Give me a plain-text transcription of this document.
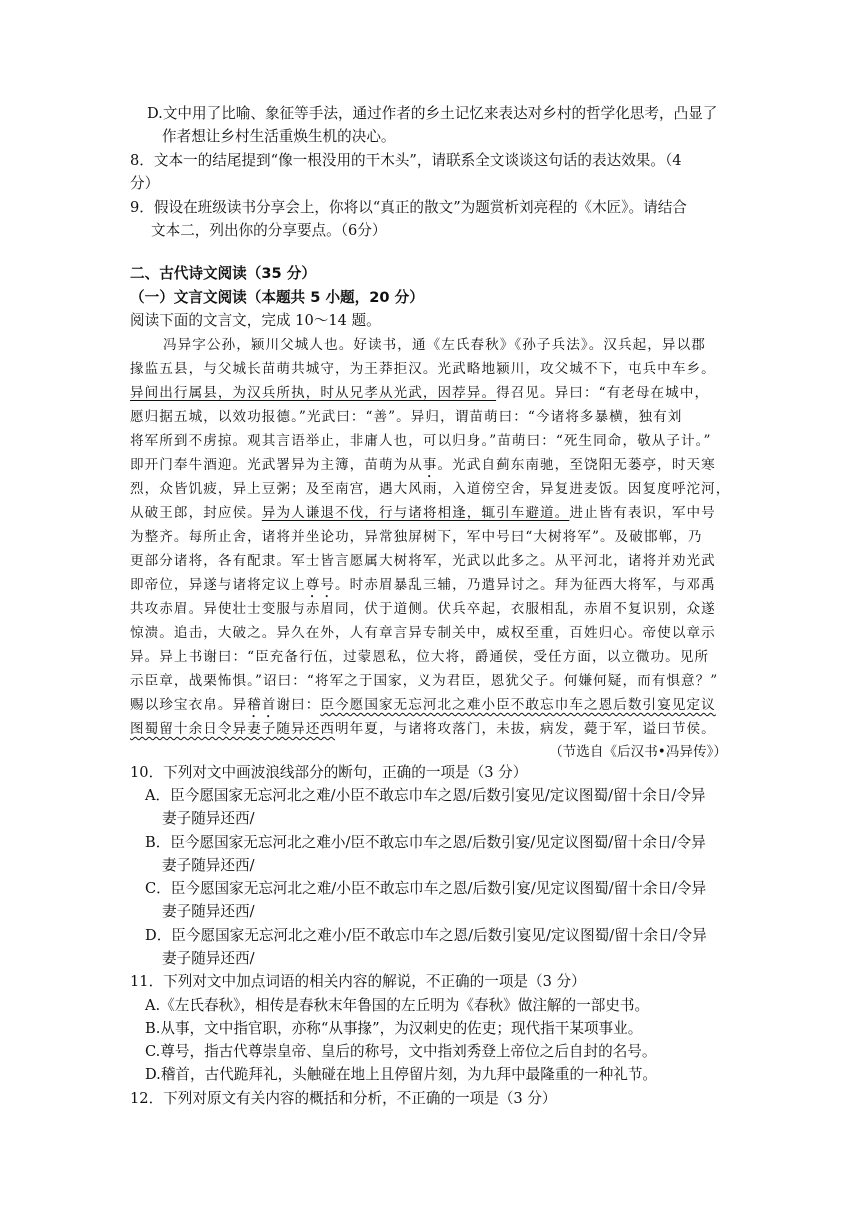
D.文中用了比喻、象征等手法，通过作者的乡土记忆来表达对乡村的哲学化思考，凸显了
作者想让乡村生活重焕生机的决心。
8．文本一的结尾提到“像一根没用的干木头”，请联系全文谈谈这句话的表达效果。（4
分）
9．假设在班级读书分享会上，你将以“真正的散文”为题赏析刘亮程的《木匠》。请结合
文本二，列出你的分享要点。（6分）
二、古代诗文阅读（35 分）
（一）文言文阅读（本题共 5 小题，20 分）
阅读下面的文言文，完成 10～14 题。
冯异字公孙，颍川父城人也。好读书，通《左氏春秋》《孙子兵法》。汉兵起，异以郡
掾监五县，与父城长苗萌共城守，为王莽拒汉。光武略地颍川，攻父城不下，屯兵中车乡。
异间出行属县，为汉兵所执，时从兄孝从光武，因荐异。得召见。异曰：“有老母在城中，
愿归据五城，以效功报德。”光武曰：“善”。异归，谓苗萌曰：“今诸将多暴横，独有刘
将军所到不虏掠。观其言语举止，非庸人也，可以归身。”苗萌曰：“死生同命，敬从子计。”
即开门奉牛酒迎。光武署异为主簿，苗萌为从事。光武自蓟东南驰，至饶阳无蒌亭，时天寒
烈，众皆饥疲，异上豆粥；及至南宫，遇大风雨，入道傍空舍，异复进麦饭。因复度呼沱河，
从破王郎，封应侯。异为人谦退不伐，行与诸将相逢，辄引车避道。进止皆有表识，军中号
为整齐。每所止舍，诸将并坐论功，异常独屏树下，军中号曰“大树将军”。及破邯郸，乃
更部分诸将，各有配隶。军士皆言愿属大树将军，光武以此多之。从平河北，诸将并劝光武
即帝位，异遂与诸将定议上尊号。时赤眉暴乱三辅，乃遣异讨之。拜为征西大将军，与邓禹
共攻赤眉。异使壮士变服与赤眉同，伏于道侧。伏兵卒起，衣服相乱，赤眉不复识别，众遂
惊溃。追击，大破之。异久在外，人有章言异专制关中，威权至重，百姓归心。帝使以章示
异。异上书谢曰：“臣充备行伍，过蒙恩私，位大将，爵通侯，受任方面，以立微功。见所
示臣章，战栗怖惧。”诏曰：“将军之于国家，义为君臣，恩犹父子。何嫌何疑，而有惧意？”
赐以珍宝衣帛。异稽首谢曰：臣今愿国家无忘河北之难小臣不敢忘巾车之恩后数引宴见定议
图蜀留十余日令异妻子随异还西明年夏，与诸将攻落门，未拔，病发，薨于军，谥曰节侯。
（节选自《后汉书•冯异传》）
10．下列对文中画波浪线部分的断句，正确的一项是（3 分）
A．臣今愿国家无忘河北之难/小臣不敢忘巾车之恩/后数引宴见/定议图蜀/留十余日/令异
妻子随异还西/
B．臣今愿国家无忘河北之难小/臣不敢忘巾车之恩/后数引宴/见定议图蜀/留十余日/令异
妻子随异还西/
C．臣今愿国家无忘河北之难/小臣不敢忘巾车之恩/后数引宴/见定议图蜀/留十余日/令异
妻子随异还西/
D．臣今愿国家无忘河北之难小/臣不敢忘巾车之恩/后数引宴见/定议图蜀/留十余日/令异
妻子随异还西/
11．下列对文中加点词语的相关内容的解说，不正确的一项是（3 分）
A.《左氏春秋》，相传是春秋末年鲁国的左丘明为《春秋》做注解的一部史书。
B.从事，文中指官职，亦称“从事掾”，为汉刺史的佐吏；现代指干某项事业。
C.尊号，指古代尊崇皇帝、皇后的称号，文中指刘秀登上帝位之后自封的名号。
D.稽首，古代跪拜礼，头触碰在地上且停留片刻，为九拜中最隆重的一种礼节。
12．下列对原文有关内容的概括和分析，不正确的一项是（3 分）
